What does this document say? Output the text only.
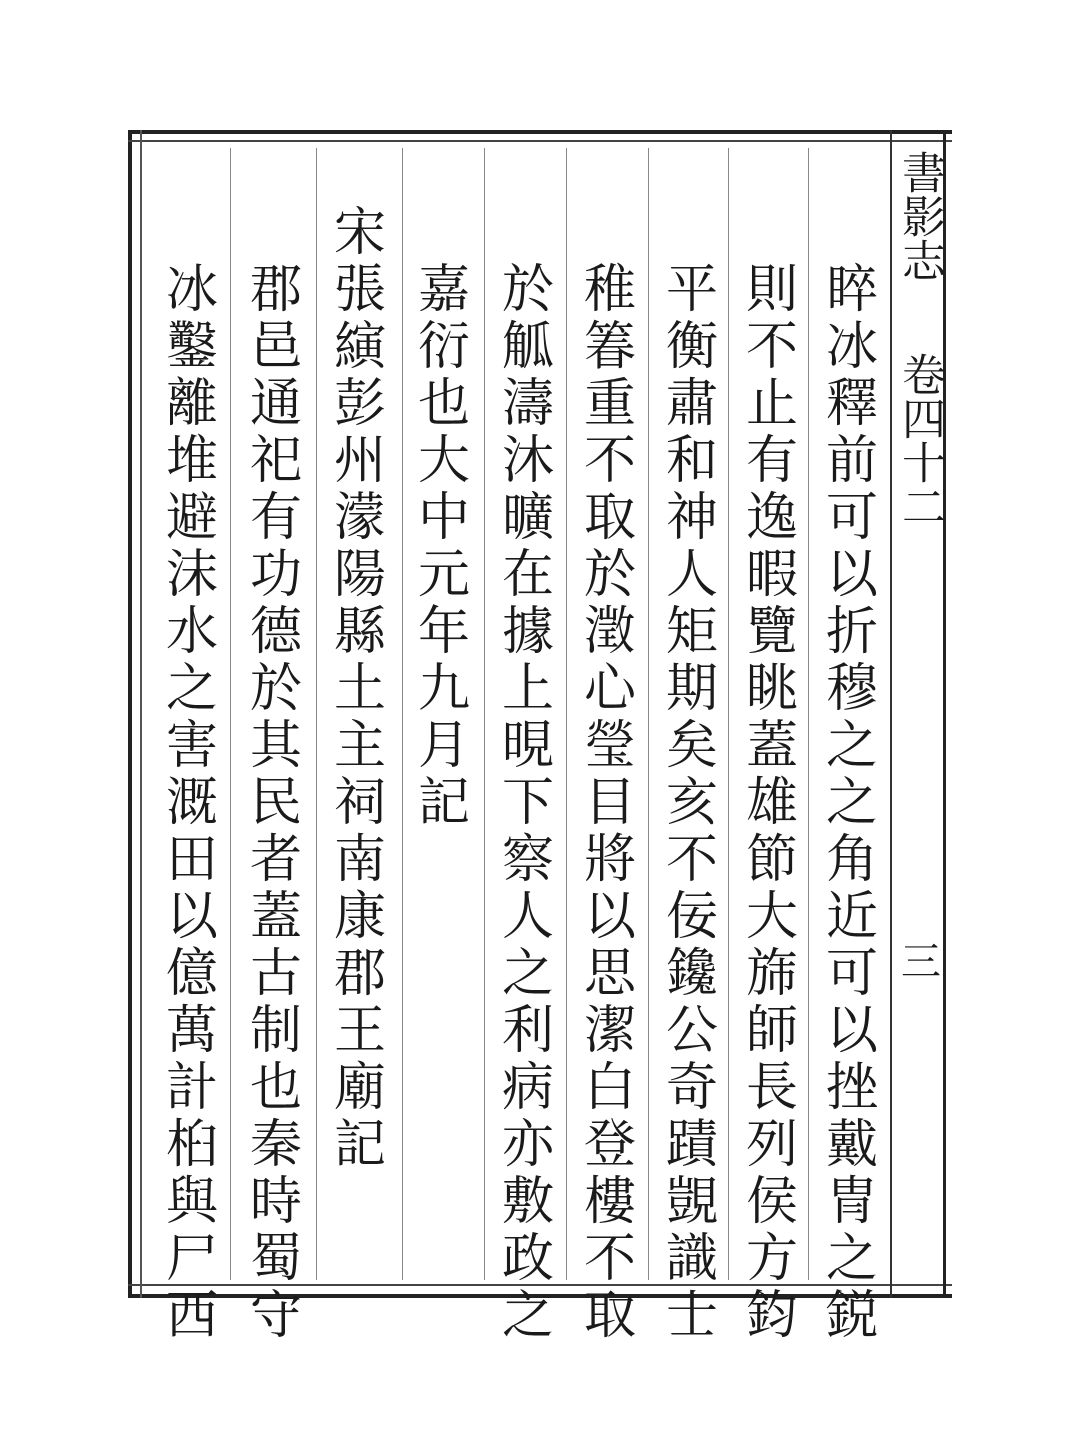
書影志
卷四十二
三
睟
冰
釋
前
可
以
折
穆
之
之
角
近
可
以
挫
戴
冑
之
鋭
則
不
止
有
逸
暇
覽
眺
蓋
雄
節
大
旆
師
長
列
侯
方
鈞
平
衡
肅
和
神
人
矩
期
矣
亥
不
佞
鑱
公
奇
蹟
覬
識
士
稚
箺
重
不
取
於
澂
心
瑩
目
將
以
思
潔
白
登
樓
不
取
於
觚
濤
沐
曠
在
據
上
晛
下
察
人
之
利
病
亦
敷
政
之
嘉
衍
也
大
中
元
年
九
月
記
宋
張
縯
彭
州
濛
陽
縣
土
主
祠
南
康
郡
王
廟
記
郡
邑
通
祀
有
功
德
於
其
民
者
蓋
古
制
也
秦
時
蜀
守
冰
鑿
離
堆
避
沫
水
之
害
溉
田
以
億
萬
計
桕
與
尸
西
